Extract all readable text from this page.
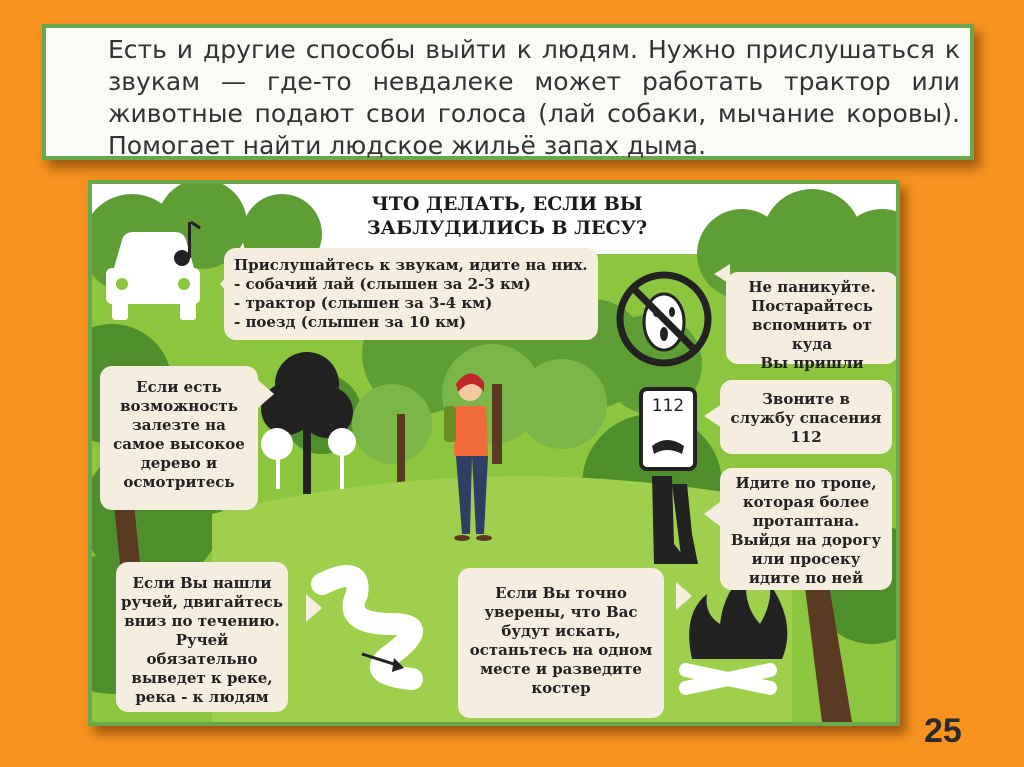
Есть и другие способы выйти к людям. Нужно прислушаться к звукам — где-то невдалеке может работать трактор или животные подают свои голоса (лай собаки, мычание коровы). Помогает найти людское жильё запах дыма.

ЧТО ДЕЛАТЬ, ЕСЛИ ВЫ ЗАБЛУДИЛИСЬ В ЛЕСУ?
Прислушайтесь к звукам, идите на них.
- собачий лай (слышен за 2-3 км)
- трактор (слышен за 3-4 км)
- поезд (слышен за 10 км)
Не паникуйте.
Постарайтесь
вспомнить от куда
Вы пришли
Если есть
возможность
залезте на
самое высокое
дерево и
осмотритесь
112	Звоните в
службу спасения
112
Идите по тропе,
которая более
протаптана.
Выйдя на дорогу
или просеку
идите по ней
Если Вы нашли
ручей, двигайтесь
вниз по течению.
Ручей обязательно
выведет к реке,
река - к людям
Если Вы точно
уверены, что Вас
будут искать,
останьтесь на одном
месте и разведите
костер
25
